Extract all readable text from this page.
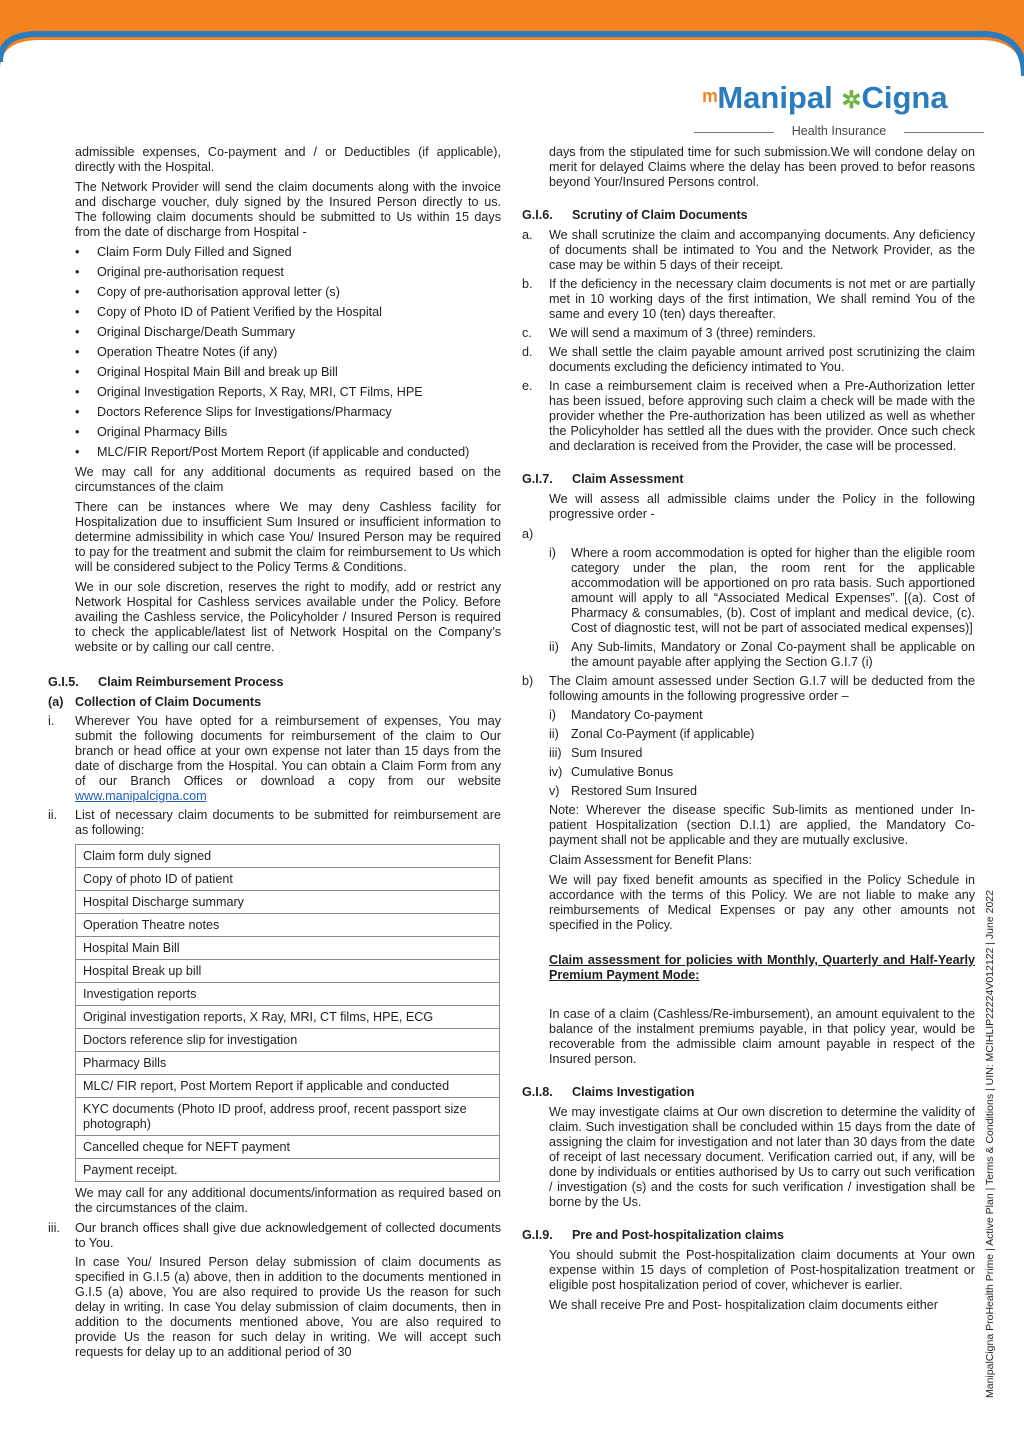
ᵐManipal ✲Cigna
Health Insurance

admissible expenses, Co-payment and / or Deductibles (if applicable), directly with the Hospital.

The Network Provider will send the claim documents along with the invoice and discharge voucher, duly signed by the Insured Person directly to us. The following claim documents should be submitted to Us within 15 days from the date of discharge from Hospital -

• Claim Form Duly Filled and Signed
• Original pre-authorisation request
• Copy of pre-authorisation approval letter (s)
• Copy of Photo ID of Patient Verified by the Hospital
• Original Discharge/Death Summary
• Operation Theatre Notes (if any)
• Original Hospital Main Bill and break up Bill
• Original Investigation Reports, X Ray, MRI, CT Films, HPE
• Doctors Reference Slips for Investigations/Pharmacy
• Original Pharmacy Bills
• MLC/FIR Report/Post Mortem Report (if applicable and conducted)

We may call for any additional documents as required based on the circumstances of the claim

There can be instances where We may deny Cashless facility for Hospitalization due to insufficient Sum Insured or insufficient information to determine admissibility in which case You/ Insured Person may be required to pay for the treatment and submit the claim for reimbursement to Us which will be considered subject to the Policy Terms & Conditions.

We in our sole discretion, reserves the right to modify, add or restrict any Network Hospital for Cashless services available under the Policy. Before availing the Cashless service, the Policyholder / Insured Person is required to check the applicable/latest list of Network Hospital on the Company’s website or by calling our call centre.

G.I.5. Claim Reimbursement Process
(a) Collection of Claim Documents
i. Wherever You have opted for a reimbursement of expenses, You may submit the following documents for reimbursement of the claim to Our branch or head office at your own expense not later than 15 days from the date of discharge from the Hospital. You can obtain a Claim Form from any of our Branch Offices or download a copy from our website www.manipalcigna.com
ii. List of necessary claim documents to be submitted for reimbursement are as following:
Claim form duly signed
Copy of photo ID of patient
Hospital Discharge summary
Operation Theatre notes
Hospital Main Bill
Hospital Break up bill
Investigation reports
Original investigation reports, X Ray, MRI, CT films, HPE, ECG
Doctors reference slip for investigation
Pharmacy Bills
MLC/ FIR report, Post Mortem Report if applicable and conducted
KYC documents (Photo ID proof, address proof, recent passport size photograph)
Cancelled cheque for NEFT payment
Payment receipt.

We may call for any additional documents/information as required based on the circumstances of the claim.

iii. Our branch offices shall give due acknowledgement of collected documents to You.

In case You/ Insured Person delay submission of claim documents as specified in G.I.5 (a) above, then in addition to the documents mentioned in G.I.5 (a) above, You are also required to provide Us the reason for such delay in writing. In case You delay submission of claim documents, then in addition to the documents mentioned above, You are also required to provide Us the reason for such delay in writing. We will accept such requests for delay up to an additional period of 30

days from the stipulated time for such submission.We will condone delay on merit for delayed Claims where the delay has been proved to befor reasons beyond Your/Insured Persons control.

G.I.6. Scrutiny of Claim Documents
a. We shall scrutinize the claim and accompanying documents. Any deficiency of documents shall be intimated to You and the Network Provider, as the case may be within 5 days of their receipt.
b. If the deficiency in the necessary claim documents is not met or are partially met in 10 working days of the first intimation, We shall remind You of the same and every 10 (ten) days thereafter.
c. We will send a maximum of 3 (three) reminders.
d. We shall settle the claim payable amount arrived post scrutinizing the claim documents excluding the deficiency intimated to You.
e. In case a reimbursement claim is received when a Pre-Authorization letter has been issued, before approving such claim a check will be made with the provider whether the Pre-authorization has been utilized as well as whether the Policyholder has settled all the dues with the provider. Once such check and declaration is received from the Provider, the case will be processed.
G.I.7. Claim Assessment

We will assess all admissible claims under the Policy in the following progressive order -

a)

i) Where a room accommodation is opted for higher than the eligible room category under the plan, the room rent for the applicable accommodation will be apportioned on pro rata basis. Such apportioned amount will apply to all “Associated Medical Expenses”. [(a). Cost of Pharmacy & consumables, (b). Cost of implant and medical device, (c). Cost of diagnostic test, will not be part of associated medical expenses)]
ii) Any Sub-limits, Mandatory or Zonal Co-payment shall be applicable on the amount payable after applying the Section G.I.7 (i)
b) The Claim amount assessed under Section G.I.7 will be deducted from the following amounts in the following progressive order –
i) Mandatory Co-payment
ii) Zonal Co-Payment (if applicable)
iii) Sum Insured
iv) Cumulative Bonus
v) Restored Sum Insured

Note: Wherever the disease specific Sub-limits as mentioned under In-patient Hospitalization (section D.I.1) are applied, the Mandatory Co-payment shall not be applicable and they are mutually exclusive.

Claim Assessment for Benefit Plans:

We will pay fixed benefit amounts as specified in the Policy Schedule in accordance with the terms of this Policy. We are not liable to make any reimbursements of Medical Expenses or pay any other amounts not specified in the Policy.

Claim assessment for policies with Monthly, Quarterly and Half-Yearly Premium Payment Mode:

In case of a claim (Cashless/Re-imbursement), an amount equivalent to the balance of the instalment premiums payable, in that policy year, would be recoverable from the admissible claim amount payable in respect of the Insured person.

G.I.8. Claims Investigation

We may investigate claims at Our own discretion to determine the validity of claim. Such investigation shall be concluded within 15 days from the date of assigning the claim for investigation and not later than 30 days from the date of receipt of last necessary document. Verification carried out, if any, will be done by individuals or entities authorised by Us to carry out such verification / investigation (s) and the costs for such verification / investigation shall be borne by the Us.

G.I.9. Pre and Post-hospitalization claims

You should submit the Post-hospitalization claim documents at Your own expense within 15 days of completion of Post-hospitalization treatment or eligible post hospitalization period of cover, whichever is earlier.

We shall receive Pre and Post- hospitalization claim documents either	ManipalCigna ProHealth Prime | Active Plan | Terms & Conditions | UIN: MCIHLIP22224V012122 | June 2022
